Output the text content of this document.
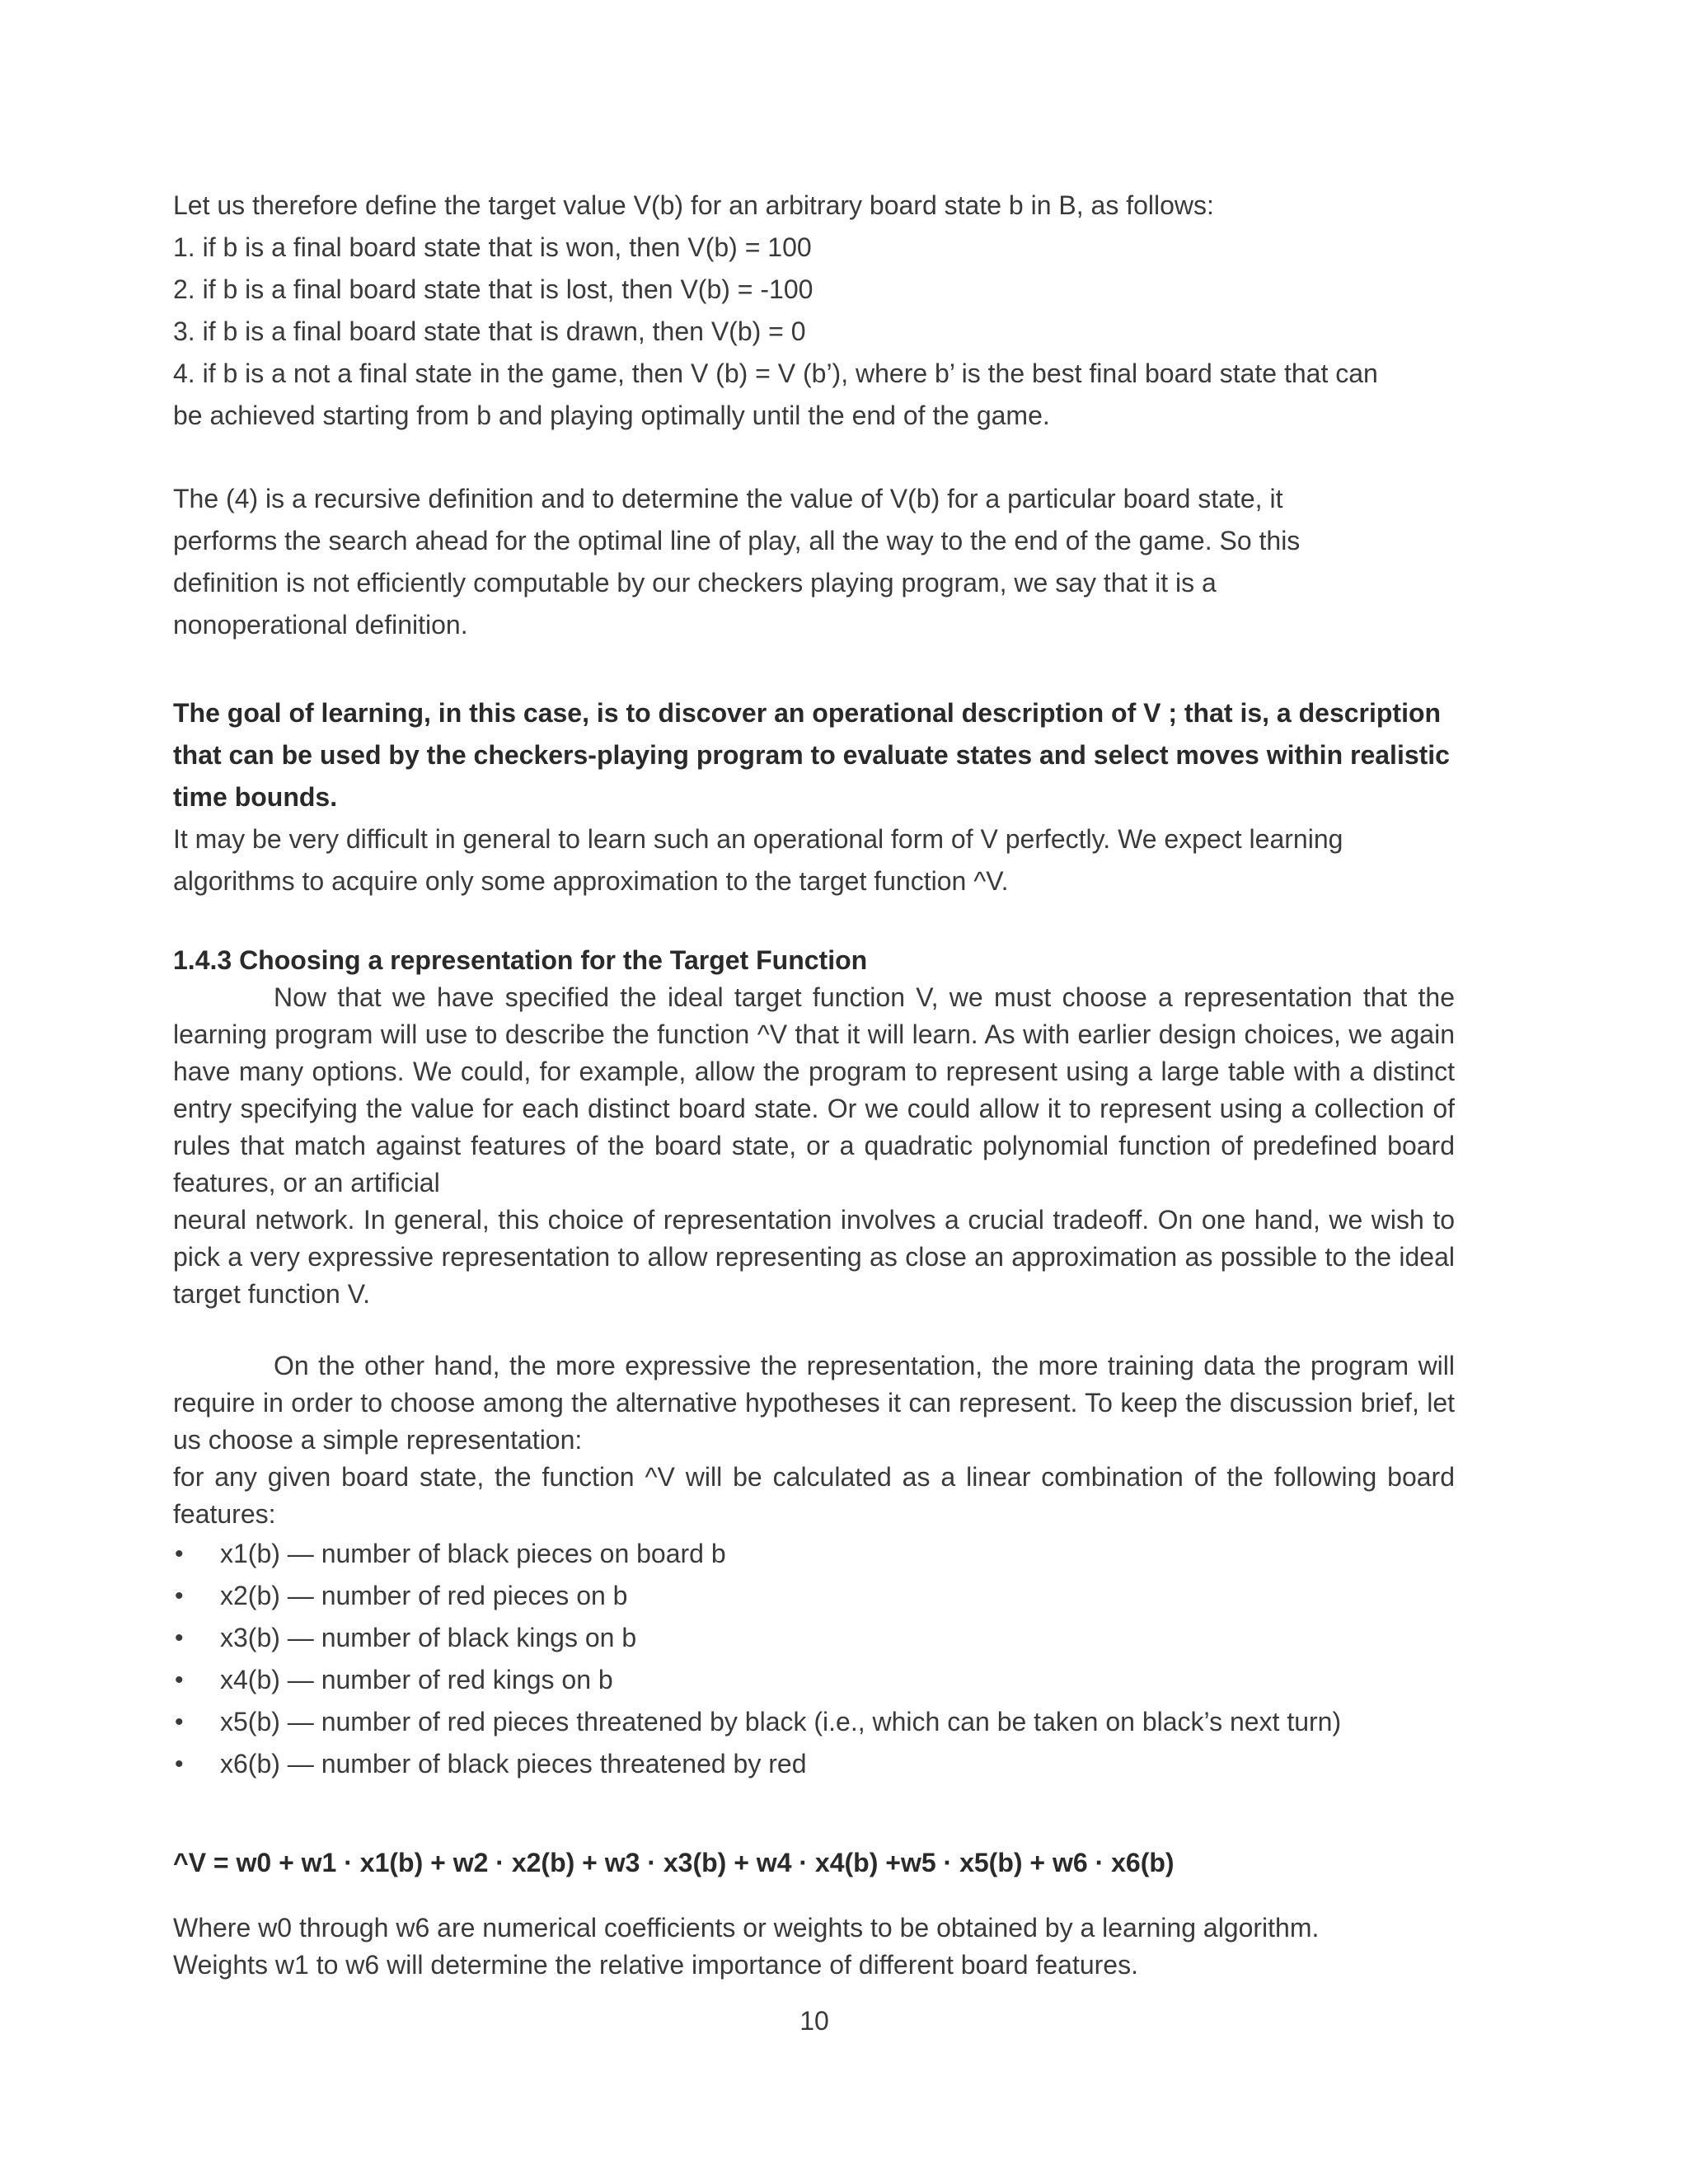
Let us therefore define the target value V(b) for an arbitrary board state b in B, as follows:
1. if b is a final board state that is won, then V(b) = 100
2. if b is a final board state that is lost, then V(b) = -100
3. if b is a final board state that is drawn, then V(b) = 0
4. if b is a not a final state in the game, then V (b) = V (b’), where b’ is the best final board state that can
be achieved starting from b and playing optimally until the end of the game.
The (4) is a recursive definition and to determine the value of V(b) for a particular board state, it
performs the search ahead for the optimal line of play, all the way to the end of the game. So this
definition is not efficiently computable by our checkers playing program, we say that it is a
nonoperational definition.
The goal of learning, in this case, is to discover an operational description of V ; that is, a description
that can be used by the checkers-playing program to evaluate states and select moves within realistic
time bounds.
It may be very difficult in general to learn such an operational form of V perfectly. We expect learning
algorithms to acquire only some approximation to the target function ^V.
1.4.3 Choosing a representation for the Target Function
Now that we have specified the ideal target function V, we must choose a representation that the learning program will use to describe the function ^V that it will learn. As with earlier design choices, we again have many options. We could, for example, allow the program to represent using a large table with a distinct entry specifying the value for each distinct board state. Or we could allow it to represent using a collection of rules that match against features of the board state, or a quadratic polynomial function of predefined board features, or an artificial
neural network. In general, this choice of representation involves a crucial tradeoff. On one hand, we wish to pick a very expressive representation to allow representing as close an approximation as possible to the ideal target function V.
On the other hand, the more expressive the representation, the more training data the program will require in order to choose among the alternative hypotheses it can represent. To keep the discussion brief, let us choose a simple representation:
for any given board state, the function ^V will be calculated as a linear combination of the following board features:
• x1(b) — number of black pieces on board b
• x2(b) — number of red pieces on b
• x3(b) — number of black kings on b
• x4(b) — number of red kings on b
• x5(b) — number of red pieces threatened by black (i.e., which can be taken on black’s next turn)
• x6(b) — number of black pieces threatened by red
^V = w0 + w1 · x1(b) + w2 · x2(b) + w3 · x3(b) + w4 · x4(b) +w5 · x5(b) + w6 · x6(b)
Where w0 through w6 are numerical coefficients or weights to be obtained by a learning algorithm.
Weights w1 to w6 will determine the relative importance of different board features.
10
